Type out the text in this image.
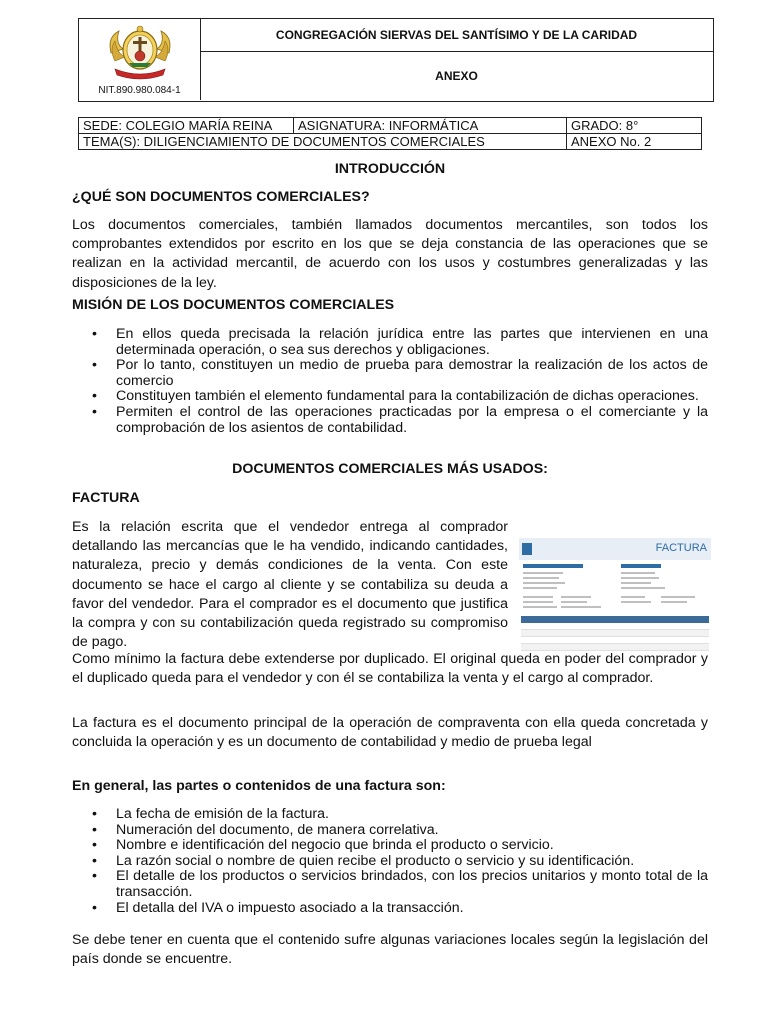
CONGREGACIÓN SIERVAS DEL SANTÍSIMO Y DE LA CARIDAD
ANEXO
NIT.890.980.084-1
SEDE: COLEGIO MARÍA REINA	ASIGNATURA: INFORMÁTICA	GRADO: 8°
TEMA(S): DILIGENCIAMIENTO DE DOCUMENTOS COMERCIALES		ANEXO No. 2
INTRODUCCIÓN
¿QUÉ SON DOCUMENTOS COMERCIALES?
Los documentos comerciales, también llamados documentos mercantiles, son todos los comprobantes extendidos por escrito en los que se deja constancia de las operaciones que se realizan en la actividad mercantil, de acuerdo con los usos y costumbres generalizadas y las disposiciones de la ley.
MISIÓN DE LOS DOCUMENTOS COMERCIALES
• En ellos queda precisada la relación jurídica entre las partes que intervienen en una determinada operación, o sea sus derechos y obligaciones.
• Por lo tanto, constituyen un medio de prueba para demostrar la realización de los actos de comercio
• Constituyen también el elemento fundamental para la contabilización de dichas operaciones.
• Permiten el control de las operaciones practicadas por la empresa o el comerciante y la comprobación de los asientos de contabilidad.
DOCUMENTOS COMERCIALES MÁS USADOS:
FACTURA
Es la relación escrita que el vendedor entrega al comprador detallando las mercancías que le ha vendido, indicando cantidades, naturaleza, precio y demás condiciones de la venta. Con este documento se hace el cargo al cliente y se contabiliza su deuda a favor del vendedor. Para el comprador es el documento que justifica la compra y con su contabilización queda registrado su compromiso de pago.
FACTURA
Como mínimo la factura debe extenderse por duplicado. El original queda en poder del comprador y el duplicado queda para el vendedor y con él se contabiliza la venta y el cargo al comprador.
La factura es el documento principal de la operación de compraventa con ella queda concretada y concluida la operación y es un documento de contabilidad y medio de prueba legal
En general, las partes o contenidos de una factura son:
• La fecha de emisión de la factura.
• Numeración del documento, de manera correlativa.
• Nombre e identificación del negocio que brinda el producto o servicio.
• La razón social o nombre de quien recibe el producto o servicio y su identificación.
• El detalle de los productos o servicios brindados, con los precios unitarios y monto total de la transacción.
• El detalla del IVA o impuesto asociado a la transacción.
Se debe tener en cuenta que el contenido sufre algunas variaciones locales según la legislación del país donde se encuentre.
